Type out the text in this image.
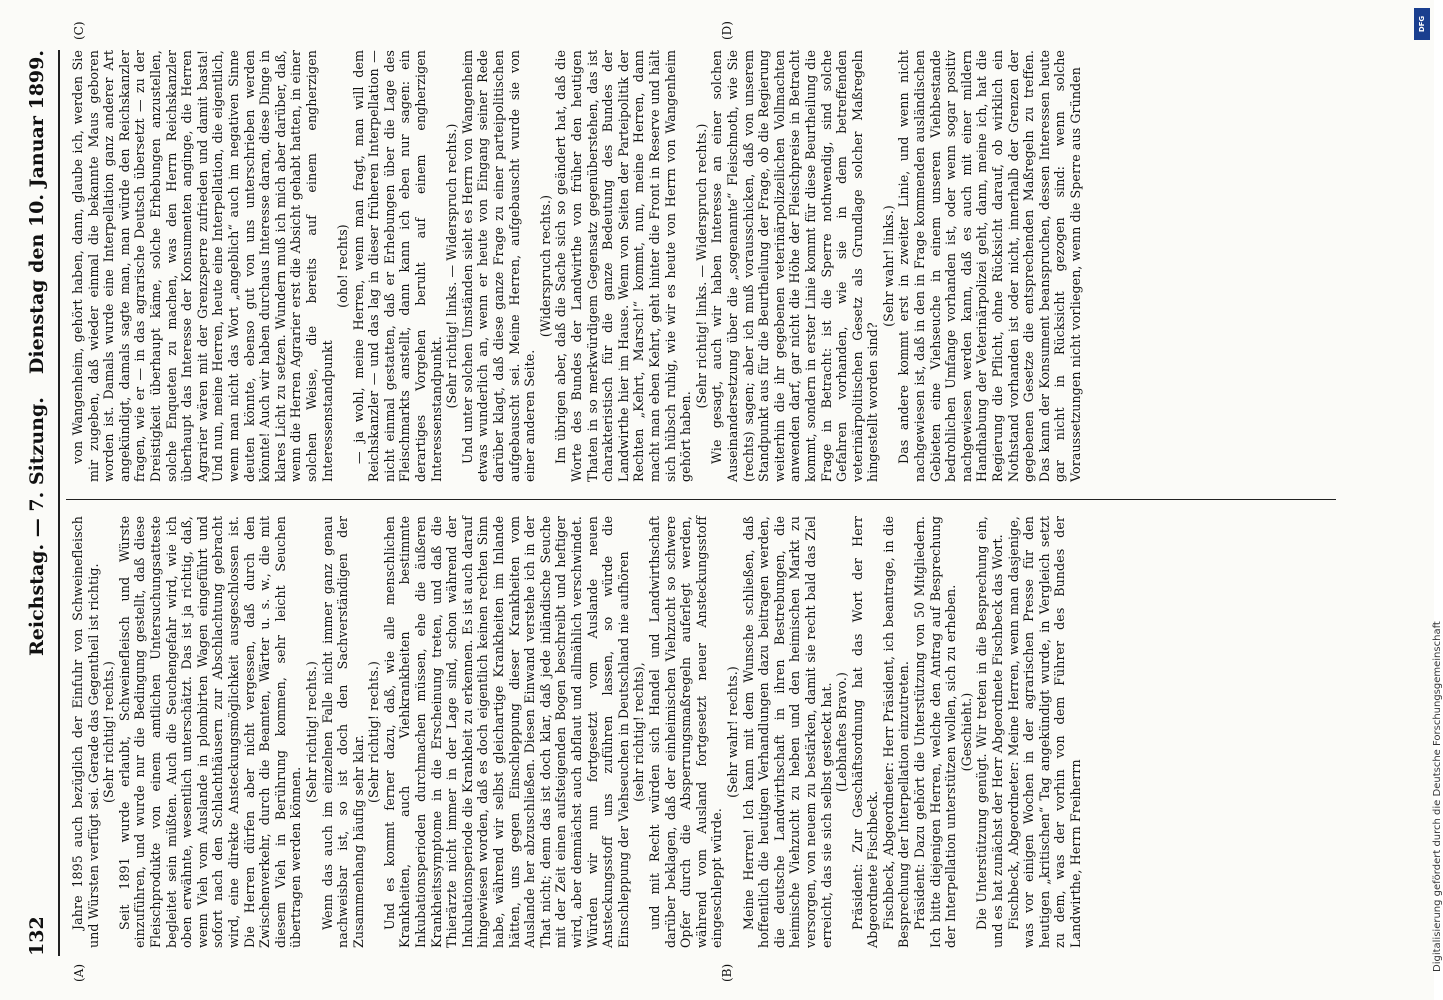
132
Reichstag. — 7. Sitzung.
Dienstag den 10. Januar 1899.
(A)	(B)
(C)	(D)

Jahre 1895 auch bezüglich der Einfuhr von Schweinefleisch und Würsten verfügt sei. Gerade das Gegentheil ist richtig. (Sehr richtig! rechts.) Seit 1891 wurde erlaubt, Schweinefleisch und Würste einzuführen, und wurde nur die Bedingung gestellt, daß diese Fleischprodukte von einem amtlichen Untersuchungsatteste begleitet sein müßten. Auch die Seuchengefahr wird, wie ich oben erwähnte, wesentlich unterschätzt. Das ist ja richtig, daß, wenn Vieh vom Auslande in plombirten Wagen eingeführt und sofort nach den Schlachthäusern zur Abschlachtung gebracht wird, eine direkte Ansteckungsmöglichkeit ausgeschlossen ist. Die Herren dürfen aber nicht vergessen, daß durch den Zwischenverkehr, durch die Beamten, Wärter u. s. w., die mit diesem Vieh in Berührung kommen, sehr leicht Seuchen übertragen werden können.

(Sehr richtig! rechts.) Wenn das auch im einzelnen Falle nicht immer ganz genau nachweisbar ist, so ist doch den Sachverständigen der Zusammenhang häufig sehr klar.

(Sehr richtig! rechts.) Und es kommt ferner dazu, daß, wie alle menschlichen Krankheiten, auch Viehkrankheiten bestimmte Inkubationsperioden durchmachen müssen, ehe die äußeren Krankheitssymptome in die Erscheinung treten, und daß die Thierärzte nicht immer in der Lage sind, schon während der Inkubationsperiode die Krankheit zu erkennen. Es ist auch darauf hingewiesen worden, daß es doch eigentlich keinen rechten Sinn habe, während wir selbst gleichartige Krankheiten im Inlande hätten, uns gegen Einschleppung dieser Krankheiten vom Auslande her abzuschließen. Diesen Einwand verstehe ich in der That nicht; denn das ist doch klar, daß jede inländische Seuche mit der Zeit einen aufsteigenden Bogen beschreibt und heftiger wird, aber demnächst auch abflaut und allmählich verschwindet. Würden wir nun fortgesetzt vom Auslande neuen Ansteckungsstoff uns zuführen lassen, so würde die Einschleppung der Viehseuchen in Deutschland nie aufhören (sehr richtig! rechts), und mit Recht würden sich Handel und Landwirthschaft darüber beklagen, daß der einheimischen Viehzucht so schwere Opfer durch die Absperrungsmaßregeln auferlegt werden, während vom Ausland fortgesetzt neuer Ansteckungsstoff eingeschleppt würde.

(Sehr wahr! rechts.) Meine Herren! Ich kann mit dem Wunsche schließen, daß hoffentlich die heutigen Verhandlungen dazu beitragen werden, die deutsche Landwirthschaft in ihren Bestrebungen, die heimische Viehzucht zu heben und den heimischen Markt zu versorgen, von neuem zu bestärken, damit sie recht bald das Ziel erreicht, das sie sich selbst gesteckt hat. (Lebhaftes Bravo.) Präsident: Zur Geschäftsordnung hat das Wort der Herr Abgeordnete Fischbeck. Fischbeck, Abgeordneter: Herr Präsident, ich beantrage, in die Besprechung der Interpellation einzutreten. Präsident: Dazu gehört die Unterstützung von 50 Mitgliedern. Ich bitte diejenigen Herren, welche den Antrag auf Besprechung der Interpellation unterstützen wollen, sich zu erheben. (Geschieht.) Die Unterstützung genügt. Wir treten in die Besprechung ein, und es hat zunächst der Herr Abgeordnete Fischbeck das Wort. Fischbeck, Abgeordneter: Meine Herren, wenn man dasjenige, was vor einigen Wochen in der agrarischen Presse für den heutigen „kritischen“ Tag angekündigt wurde, in Vergleich setzt zu dem, was der vorhin von dem Führer des Bundes der Landwirthe, Herrn Freiherrn

von Wangenheim, gehört haben, dann, glaube ich, werden Sie mir zugeben, daß wieder einmal die bekannte Maus geboren worden ist. Damals wurde eine Interpellation ganz anderer Art angekündigt, damals sagte man, man würde den Reichskanzler fragen, wie er — in das agrarische Deutsch übersetzt — zu der Dreistigkeit überhaupt käme, solche Erhebungen anzustellen, solche Enqueten zu machen, was den Herrn Reichskanzler überhaupt das Interesse der Konsumenten anginge, die Herren Agrarier wären mit der Grenzsperre zufrieden und damit basta! Und nun, meine Herren, heute eine Interpellation, die eigentlich, wenn man nicht das Wort „angeblich“ auch im negativen Sinne deuten könnte, ebenso gut von uns unterschrieben werden könnte! Auch wir haben durchaus Interesse daran, diese Dinge in klares Licht zu setzen. Wundern muß ich mich aber darüber, daß, wenn die Herren Agrarier erst die Absicht gehabt hatten, in einer solchen Weise, die bereits auf einem engherzigen Interessenstandpunkt

(oho! rechts) — ja wohl, meine Herren, wenn man fragt, man will dem Reichskanzler — und das lag in dieser früheren Interpellation — nicht einmal gestatten, daß er Erhebungen über die Lage des Fleischmarkts anstellt, dann kann ich eben nur sagen: ein derartiges Vorgehen beruht auf einem engherzigen Interessenstandpunkt.

(Sehr richtig! links. — Widerspruch rechts.) Und unter solchen Umständen sieht es Herrn von Wangenheim etwas wunderlich an, wenn er heute von Eingang seiner Rede darüber klagt, daß diese ganze Frage zu einer parteipolitischen aufgebauscht sei. Meine Herren, aufgebauscht wurde sie von einer anderen Seite.

(Widerspruch rechts.) Im übrigen aber, daß die Sache sich so geändert hat, daß die Worte des Bundes der Landwirthe von früher den heutigen Thaten in so merkwürdigem Gegensatz gegenüberstehen, das ist charakteristisch für die ganze Bedeutung des Bundes der Landwirthe hier im Hause. Wenn von Seiten der Parteipolitik der Rechten „Kehrt, Marsch!“ kommt, nun, meine Herren, dann macht man eben Kehrt, geht hinter die Front in Reserve und hält sich hübsch ruhig, wie wir es heute von Herrn von Wangenheim gehört haben.

(Sehr richtig! links. — Widerspruch rechts.) Wie gesagt, auch wir haben Interesse an einer solchen Auseinandersetzung über die „sogenannte“ Fleischnoth, wie Sie (rechts) sagen; aber ich muß vorausschicken, daß von unserem Standpunkt aus für die Beurtheilung der Frage, ob die Regierung weiterhin die ihr gegebenen veterinärpolizeilichen Vollmachten anwenden darf, gar nicht die Höhe der Fleischpreise in Betracht kommt, sondern in erster Linie kommt für diese Beurtheilung die Frage in Betracht: ist die Sperre nothwendig, sind solche Gefahren vorhanden, wie sie in dem betreffenden veterinärpolitischen Gesetz als Grundlage solcher Maßregeln hingestellt worden sind?

(Sehr wahr! links.) Das andere kommt erst in zweiter Linie, und wenn nicht nachgewiesen ist, daß in den in Frage kommenden ausländischen Gebieten eine Viehseuche in einem unseren Viehbestande bedrohlichen Umfange vorhanden ist, oder wenn sogar positiv nachgewiesen werden kann, daß es auch mit einer mildern Handhabung der Veterinärpolizei geht, dann, meine ich, hat die Regierung die Pflicht, ohne Rücksicht darauf, ob wirklich ein Nothstand vorhanden ist oder nicht, innerhalb der Grenzen der gegebenen Gesetze die entsprechenden Maßregeln zu treffen. Das kann der Konsument beanspruchen, dessen Interessen heute gar nicht in Rücksicht gezogen sind: wenn solche Voraussetzungen nicht vorliegen, wenn die Sperre aus Gründen

DFG
Digitalisierung gefördert durch die Deutsche Forschungsgemeinschaft
